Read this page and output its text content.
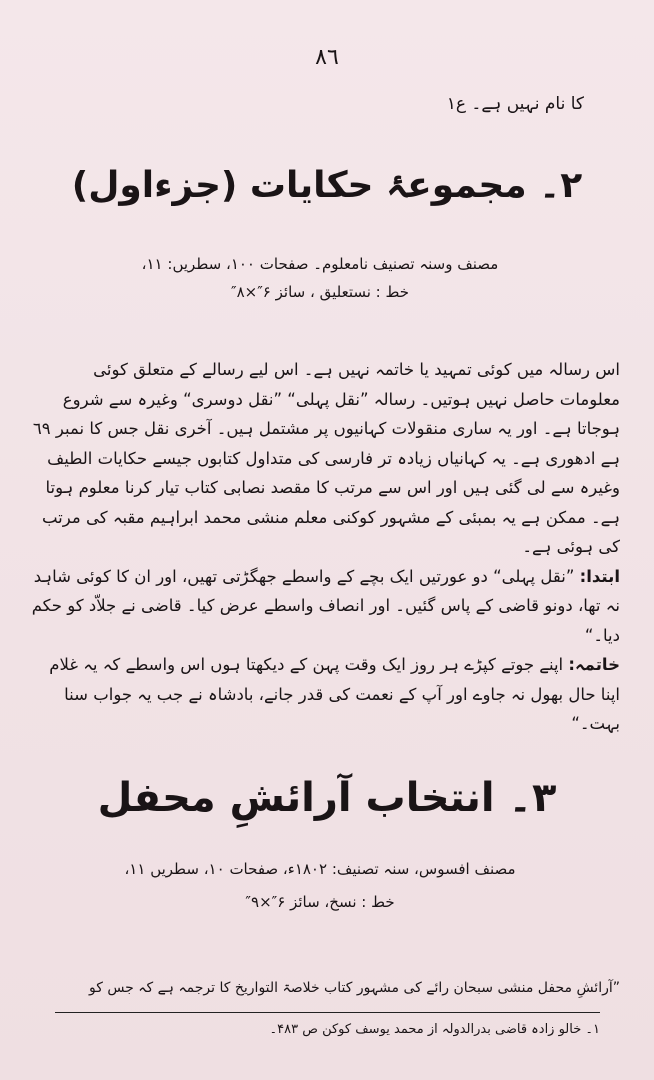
۸٦
کا نام نہیں ہے۔ ع۱
۲۔ مجموعۂ حکایات (جزءاول)
مصنف وسنہ تصنیف نامعلوم۔ صفحات ۱۰۰، سطریں: ۱۱،
خط : نستعلیق ، سائز ۶″×۸″

اس رسالہ میں کوئی تمہید یا خاتمہ نہیں ہے۔ اس لیے رسالے کے متعلق کوئی معلومات حاصل نہیں ہوتیں۔ رسالہ ”نقل پہلی“ ”نقل دوسری“ وغیرہ سے شروع ہوجاتا ہے۔ اور یہ ساری منقولات کہانیوں پر مشتمل ہیں۔ آخری نقل جس کا نمبر ٦۹ ہے ادھوری ہے۔ یہ کہانیاں زیادہ تر فارسی کی متداول کتابوں جیسے حکایات الطیف وغیرہ سے لی گئی ہیں اور اس سے مرتب کا مقصد نصابی کتاب تیار کرنا معلوم ہوتا ہے۔ ممکن ہے یہ بمبئی کے مشہور کوکنی معلم منشی محمد ابراہیم مقبہ کی مرتب کی ہوئی ہے۔

ابتدا: ”نقل پہلی“ دو عورتیں ایک بچے کے واسطے جھگڑتی تھیں، اور ان کا کوئی شاہد نہ تھا، دونو قاضی کے پاس گئیں۔ اور انصاف واسطے عرض کیا۔ قاضی نے جلاّد کو حکم دیا۔“

خاتمہ: اپنے جوتے کپڑے ہر روز ایک وقت پہن کے دیکھتا ہوں اس واسطے کہ یہ غلام اپنا حال بھول نہ جاوے اور آپ کے نعمت کی قدر جانے، بادشاہ نے جب یہ جواب سنا بہت۔“

۳۔ انتخاب آرائشِ محفل
مصنف افسوس، سنہ تصنیف: ۱۸۰۲ء، صفحات ۱۰، سطریں ۱۱،
خط : نسخ، سائز ۶″×۹″
”آرائشِ محفل منشی سبحان رائے کی مشہور کتاب خلاصۃ التواریخ کا ترجمہ ہے کہ جس کو
۱۔ خالو زادہ قاضی بدرالدولہ از محمد یوسف کوکن ص ۴۸۳۔
